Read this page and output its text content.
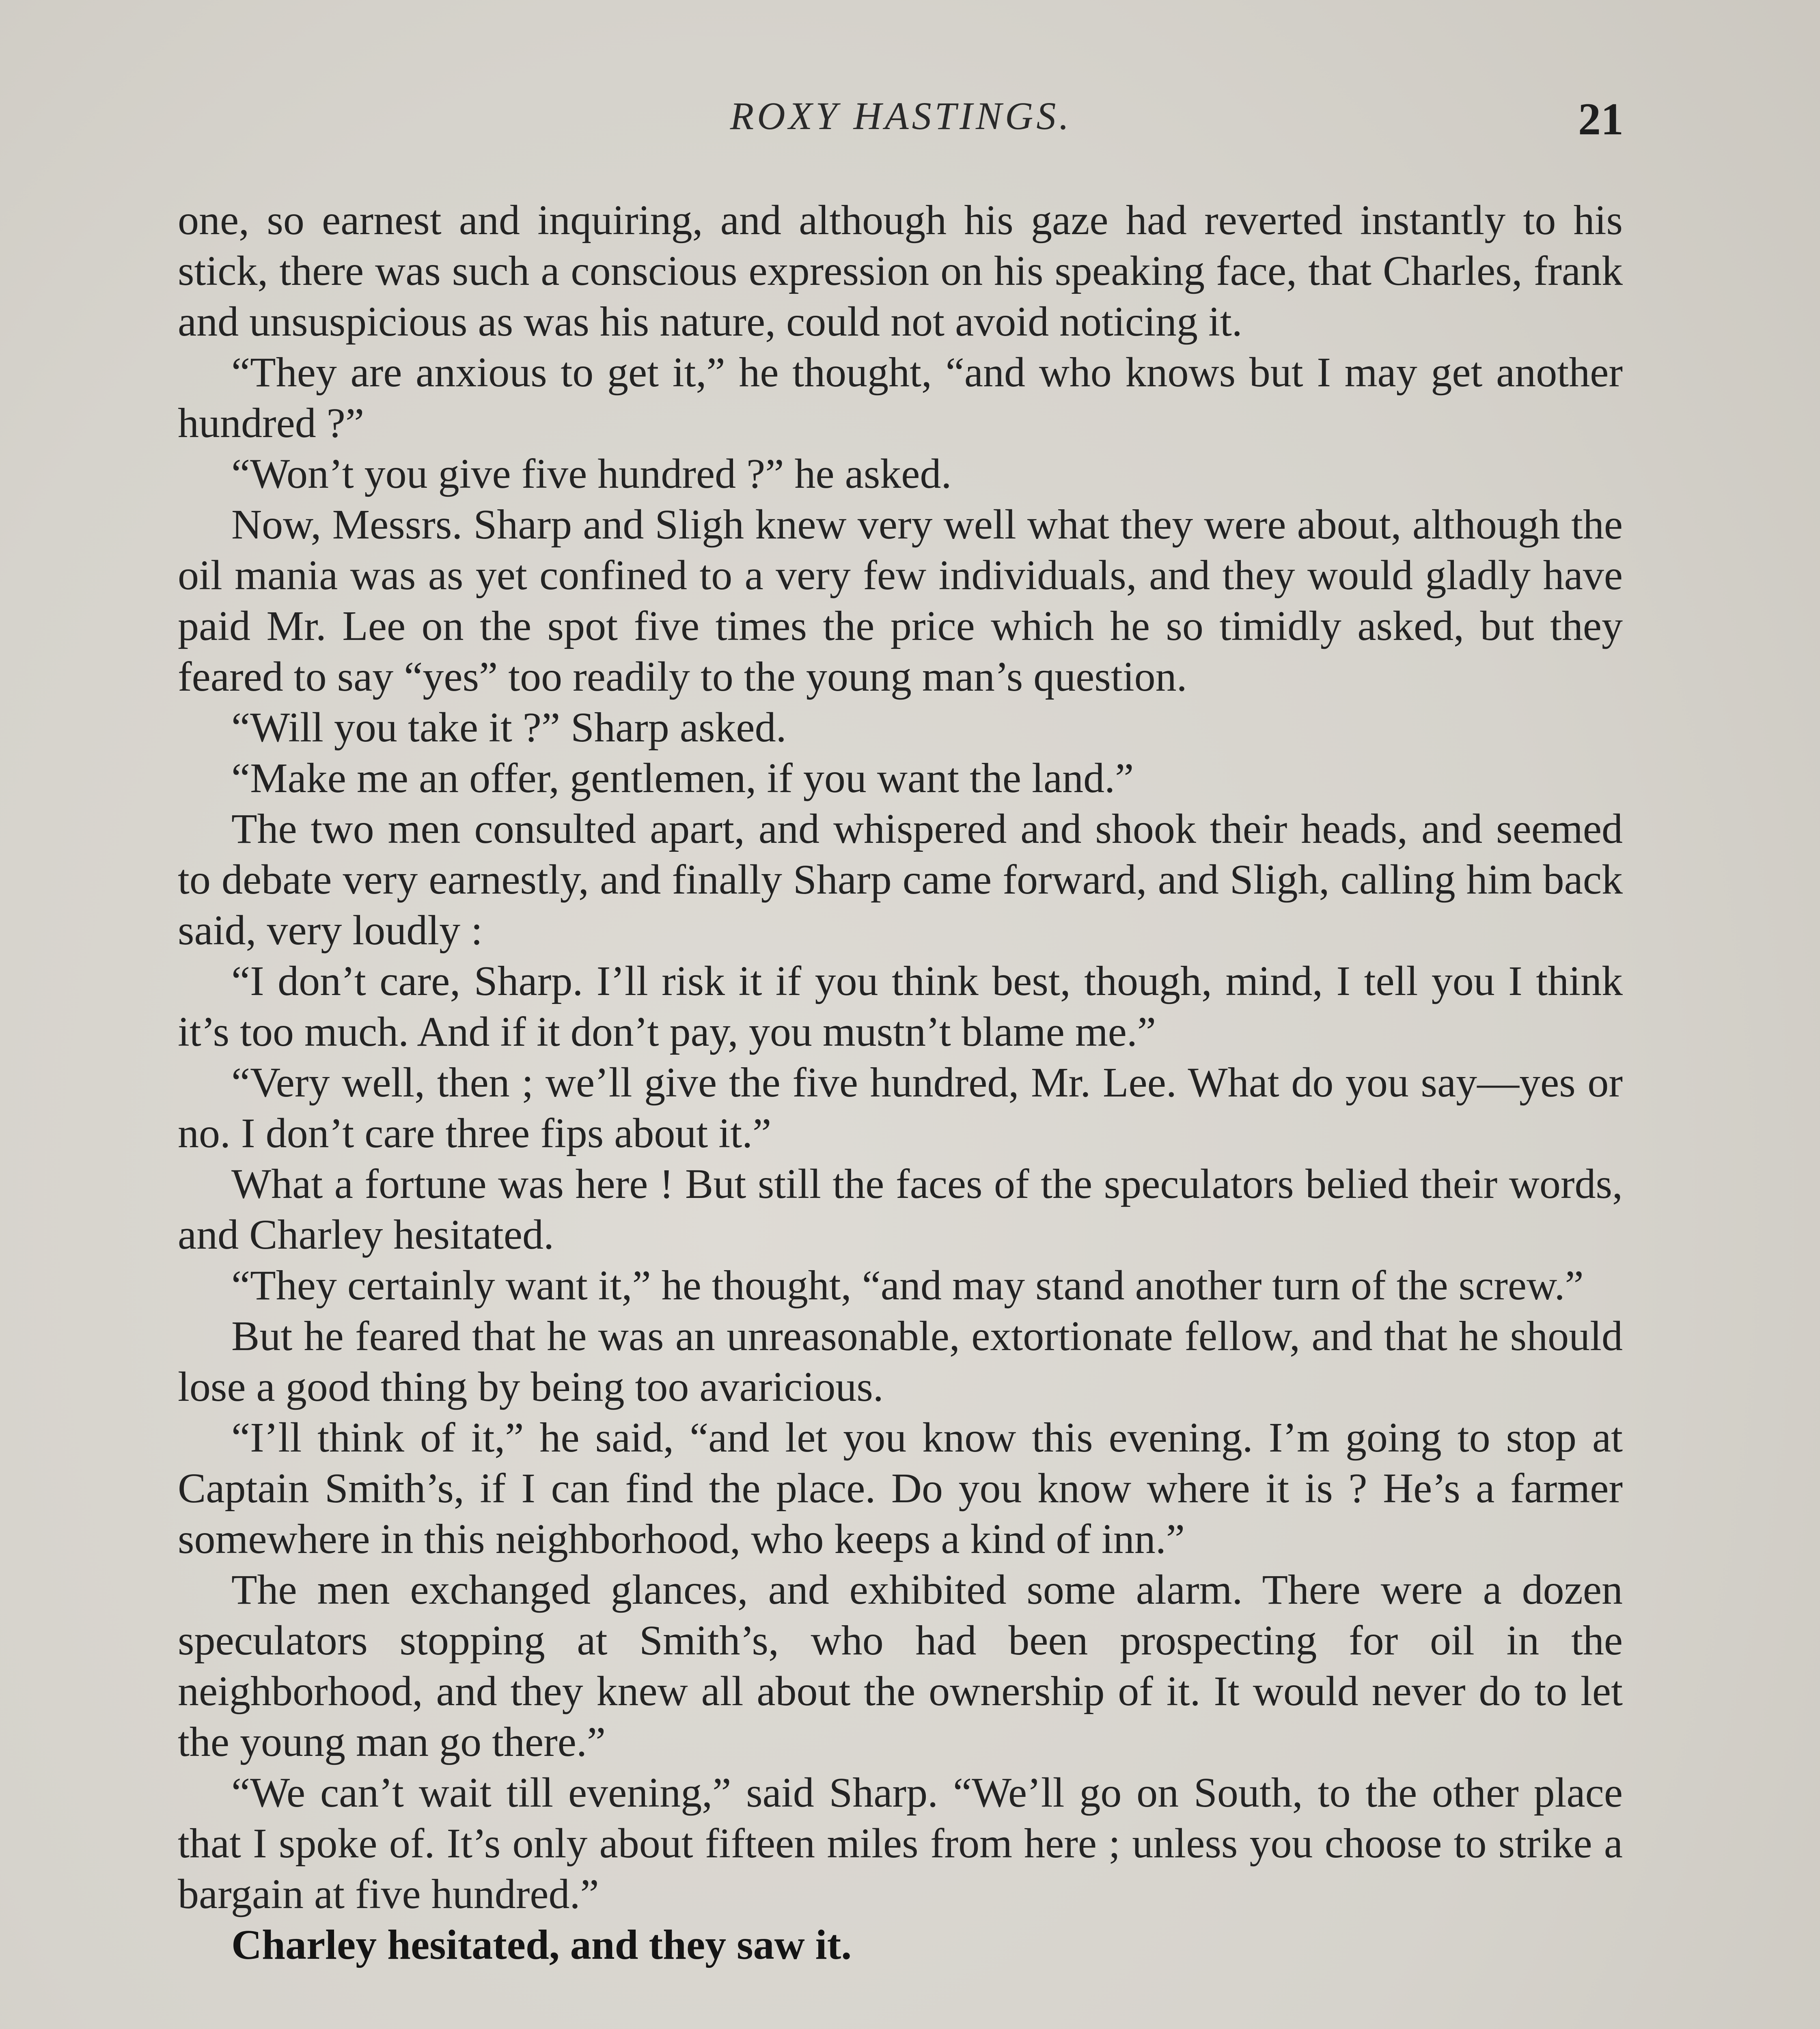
ROXY HASTINGS.	21

one, so earnest and inquiring, and although his gaze had reverted instantly to his stick, there was such a conscious expression on his speaking face, that Charles, frank and unsuspicious as was his nature, could not avoid noticing it.

“They are anxious to get it,” he thought, “and who knows but I may get another hundred ?”

“Won’t you give five hundred ?” he asked.

Now, Messrs. Sharp and Sligh knew very well what they were about, although the oil mania was as yet confined to a very few individuals, and they would gladly have paid Mr. Lee on the spot five times the price which he so timidly asked, but they feared to say “yes” too readily to the young man’s question.

“Will you take it ?” Sharp asked.

“Make me an offer, gentlemen, if you want the land.”

The two men consulted apart, and whispered and shook their heads, and seemed to debate very earnestly, and finally Sharp came forward, and Sligh, calling him back said, very loudly :

“I don’t care, Sharp. I’ll risk it if you think best, though, mind, I tell you I think it’s too much. And if it don’t pay, you mustn’t blame me.”

“Very well, then ; we’ll give the five hundred, Mr. Lee. What do you say—yes or no. I don’t care three fips about it.”

What a fortune was here ! But still the faces of the speculators belied their words, and Charley hesitated.

“They certainly want it,” he thought, “and may stand another turn of the screw.”

But he feared that he was an unreasonable, extortionate fellow, and that he should lose a good thing by being too avaricious.

“I’ll think of it,” he said, “and let you know this evening. I’m going to stop at Captain Smith’s, if I can find the place. Do you know where it is ? He’s a farmer somewhere in this neighborhood, who keeps a kind of inn.”

The men exchanged glances, and exhibited some alarm. There were a dozen speculators stopping at Smith’s, who had been prospecting for oil in the neighborhood, and they knew all about the ownership of it. It would never do to let the young man go there.”

“We can’t wait till evening,” said Sharp. “We’ll go on South, to the other place that I spoke of. It’s only about fifteen miles from here ; unless you choose to strike a bargain at five hundred.”

Charley hesitated, and they saw it.
